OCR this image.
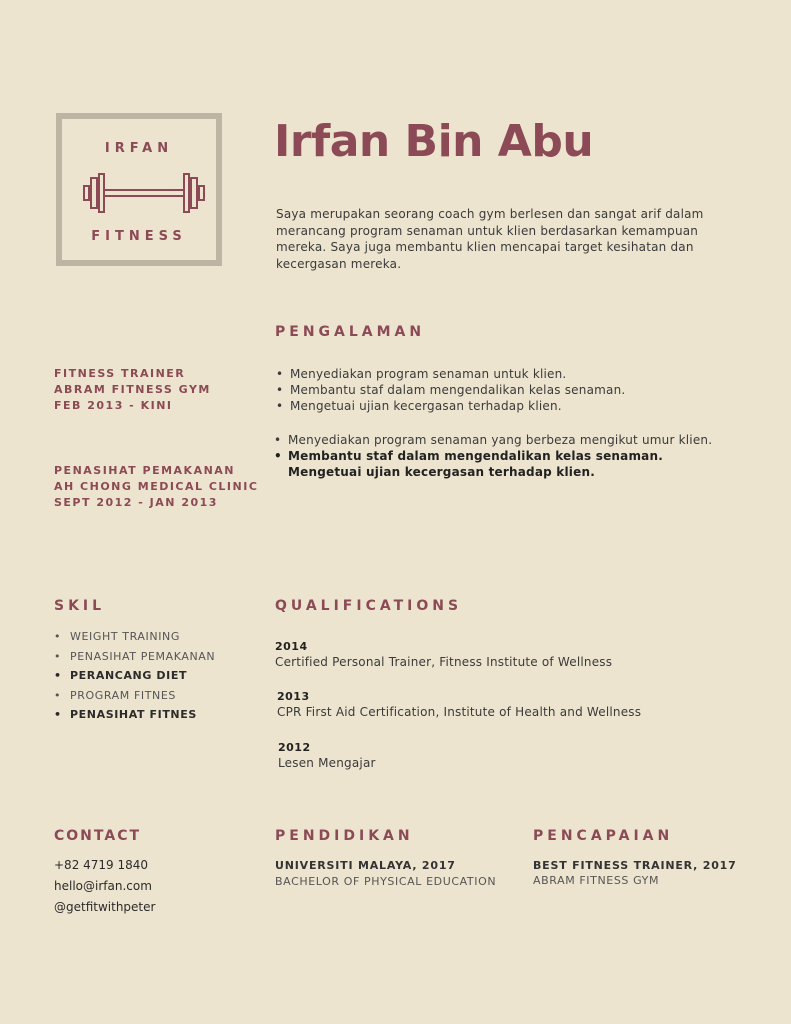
IRFAN
FITNESS
Irfan Bin Abu
Saya merupakan seorang coach gym berlesen dan sangat arif dalam merancang program senaman untuk klien berdasarkan kemampuan mereka. Saya juga membantu klien mencapai target kesihatan dan kecergasan mereka.
PENGALAMAN
FITNESS TRAINER
ABRAM FITNESS GYM
FEB 2013 - KINI
• Menyediakan program senaman untuk klien.
• Membantu staf dalam mengendalikan kelas senaman.
• Mengetuai ujian kecergasan terhadap klien.
PENASIHAT PEMAKANAN
AH CHONG MEDICAL CLINIC
SEPT 2012 - JAN 2013
• Menyediakan program senaman yang berbeza mengikut umur klien.
• Membantu staf dalam mengendalikan kelas senaman.
Mengetuai ujian kecergasan terhadap klien.
SKIL
• WEIGHT TRAINING
• PENASIHAT PEMAKANAN
• PERANCANG DIET
• PROGRAM FITNES
• PENASIHAT FITNES
QUALIFICATIONS
2014
Certified Personal Trainer, Fitness Institute of Wellness
2013
CPR First Aid Certification, Institute of Health and Wellness
2012
Lesen Mengajar
CONTACT
+82 4719 1840
hello@irfan.com
@getfitwithpeter
PENDIDIKAN
UNIVERSITI MALAYA, 2017
BACHELOR OF PHYSICAL EDUCATION
PENCAPAIAN
BEST FITNESS TRAINER, 2017
ABRAM FITNESS GYM
